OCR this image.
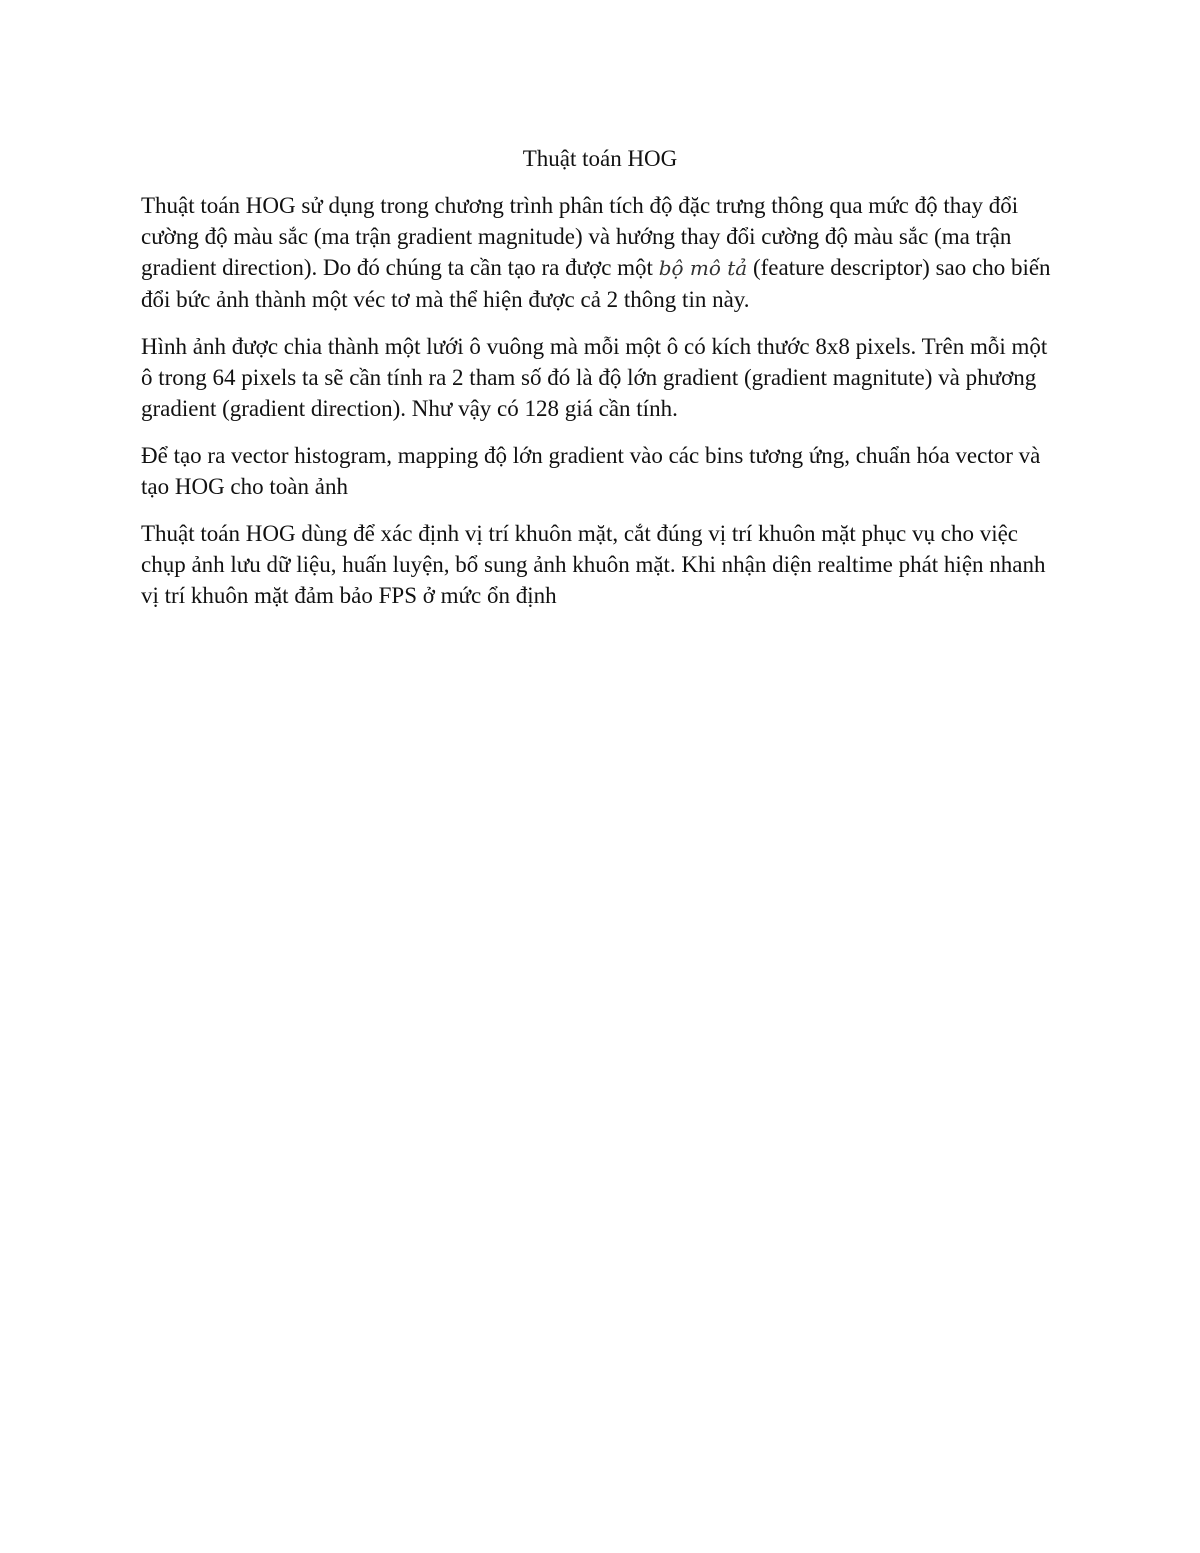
Thuật toán HOG

Thuật toán HOG sử dụng trong chương trình phân tích độ đặc trưng thông qua mức độ thay đổi cường độ màu sắc (ma trận gradient magnitude) và hướng thay đổi cường độ màu sắc (ma trận gradient direction). Do đó chúng ta cần tạo ra được một bộ mô tả (feature descriptor) sao cho biến đổi bức ảnh thành một véc tơ mà thể hiện được cả 2 thông tin này.

Hình ảnh được chia thành một lưới ô vuông mà mỗi một ô có kích thước 8x8 pixels. Trên mỗi một ô trong 64 pixels ta sẽ cần tính ra 2 tham số đó là độ lớn gradient (gradient magnitute) và phương gradient (gradient direction). Như vậy có 128 giá cần tính.

Để tạo ra vector histogram, mapping độ lớn gradient vào các bins tương ứng, chuẩn hóa vector và tạo HOG cho toàn ảnh

Thuật toán HOG dùng để xác định vị trí khuôn mặt, cắt đúng vị trí khuôn mặt phục vụ cho việc chụp ảnh lưu dữ liệu, huấn luyện, bổ sung ảnh khuôn mặt. Khi nhận diện realtime phát hiện nhanh vị trí khuôn mặt đảm bảo FPS ở mức ổn định
